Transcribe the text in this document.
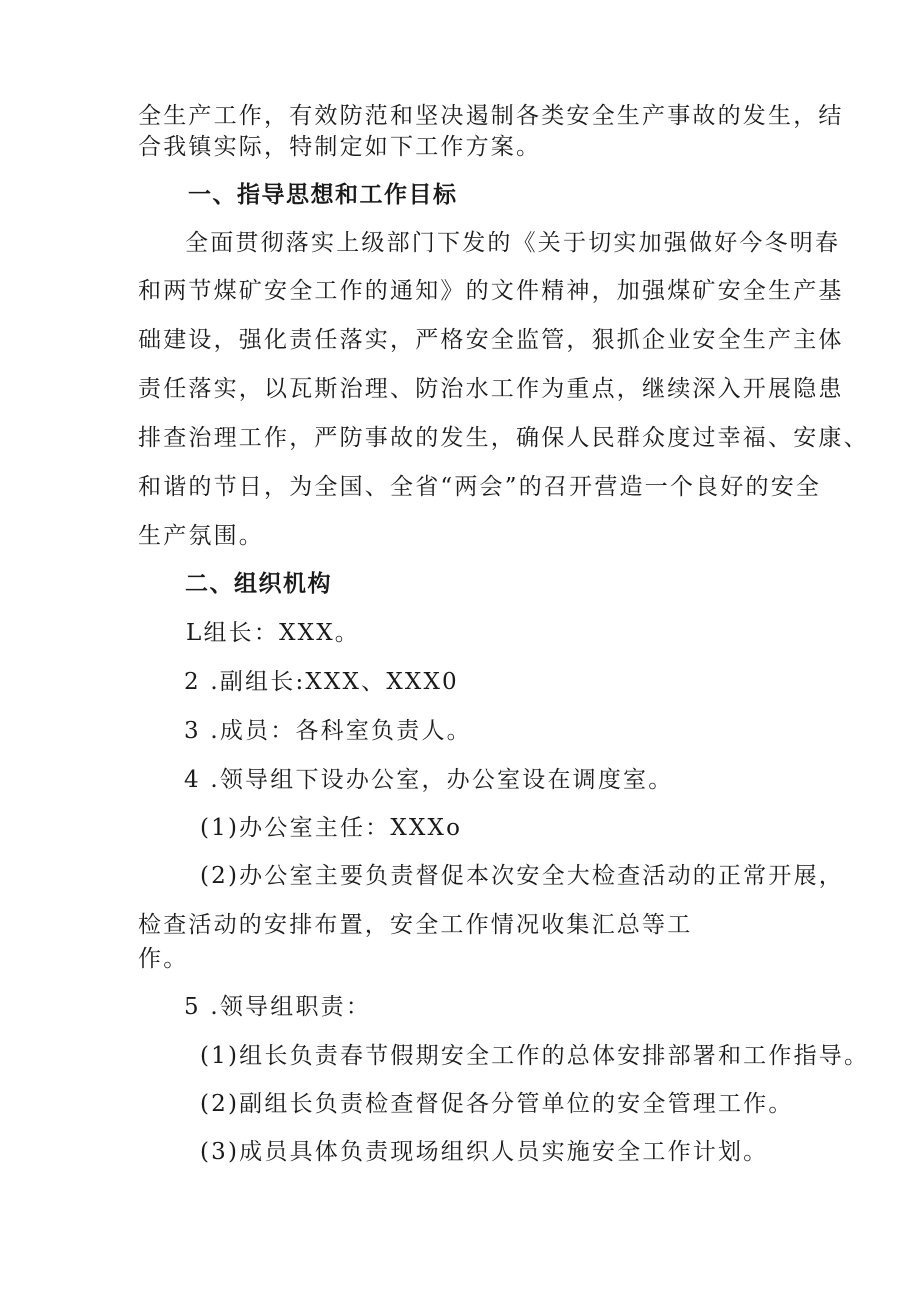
全生产工作，有效防范和坚决遏制各类安全生产事故的发生，结
合我镇实际，特制定如下工作方案。
一、指导思想和工作目标
全面贯彻落实上级部门下发的《关于切实加强做好今冬明春
和两节煤矿安全工作的通知》的文件精神，加强煤矿安全生产基
础建设，强化责任落实，严格安全监管，狠抓企业安全生产主体
责任落实，以瓦斯治理、防治水工作为重点，继续深入开展隐患
排查治理工作，严防事故的发生，确保人民群众度过幸福、安康、
和谐的节日，为全国、全省“两会”的召开营造一个良好的安全
生产氛围。
二、组织机构
L组长：XXX。
2 .副组长:XXX、XXX0
3 .成员：各科室负责人。
4 .领导组下设办公室，办公室设在调度室。
(1)办公室主任：XXXo
(2)办公室主要负责督促本次安全大检查活动的正常开展，
检查活动的安排布置，安全工作情况收集汇总等工
作。
5 .领导组职责：
(1)组长负责春节假期安全工作的总体安排部署和工作指导。
(2)副组长负责检查督促各分管单位的安全管理工作。
(3)成员具体负责现场组织人员实施安全工作计划。
